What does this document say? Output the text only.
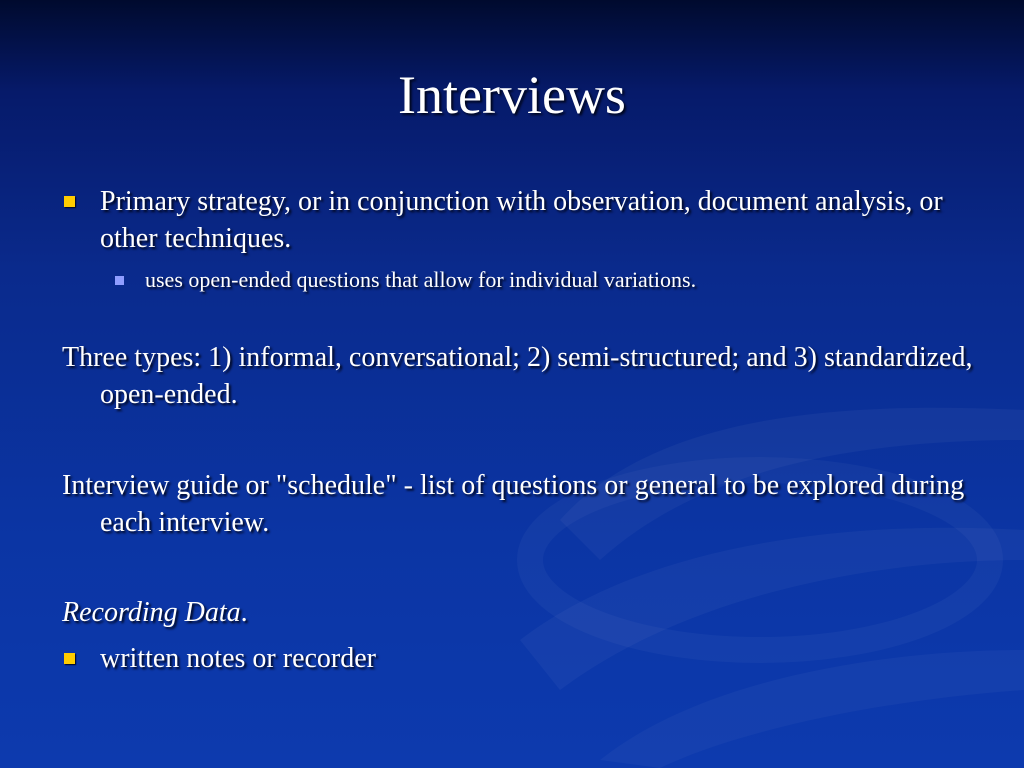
Interviews
Primary strategy, or in conjunction with observation, document analysis, or other techniques.
uses open-ended questions that allow for individual variations.
Three types: 1) informal, conversational; 2) semi-structured; and 3) standardized, open-ended.
Interview guide or "schedule" - list of questions or general to be explored during each interview.
Recording Data.
written notes or recorder
